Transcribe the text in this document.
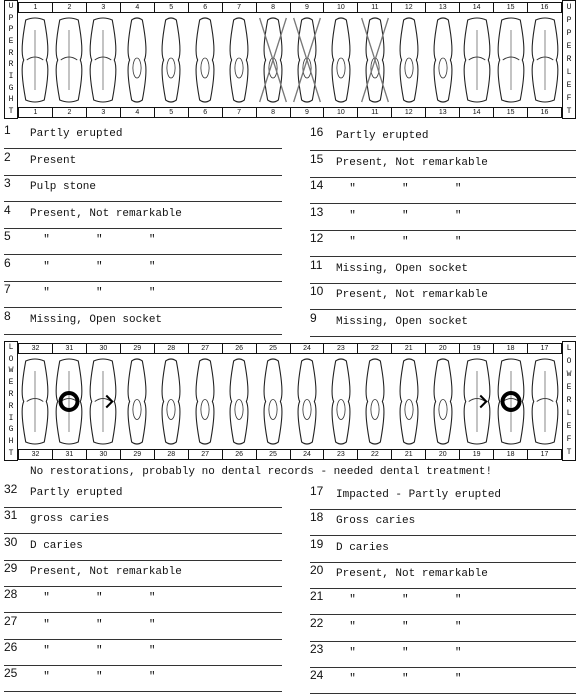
U
P
P
E
R
R
I
G
H
T
1	2	3	4	5	6	7	8	9	10	11	12	13	14	15	16
1	2	3	4	5	6	7	8	9	10	11	12	13	14	15	16
U
P
P
E
R
L
E
F
T
1 Partly erupted
2 Present
3 Pulp stone
4 Present, Not remarkable
5 "       "       "
6 "       "       "
7 "       "       "
8 Missing, Open socket
16 Partly erupted
15 Present, Not remarkable
14 "       "       "
13 "       "       "
12 "       "       "
11 Missing, Open socket
10 Present, Not remarkable
9 Missing, Open socket
L
O
W
E
R
R
I
G
H
T
32	31	30	29	28	27	26	25	24	23	22	21	20	19	18	17
32	31	30	29	28	27	26	25	24	23	22	21	20	19	18	17
L
O
W
E
R
L
E
F
T
No restorations, probably no dental records - needed dental treatment!
32 Partly erupted
31 gross caries
30 D caries
29 Present, Not remarkable
28 "       "       "
27 "       "       "
26 "       "       "
25 "       "       "
17 Impacted - Partly erupted
18 Gross caries
19 D caries
20 Present, Not remarkable
21 "       "       "
22 "       "       "
23 "       "       "
24 "       "       "
